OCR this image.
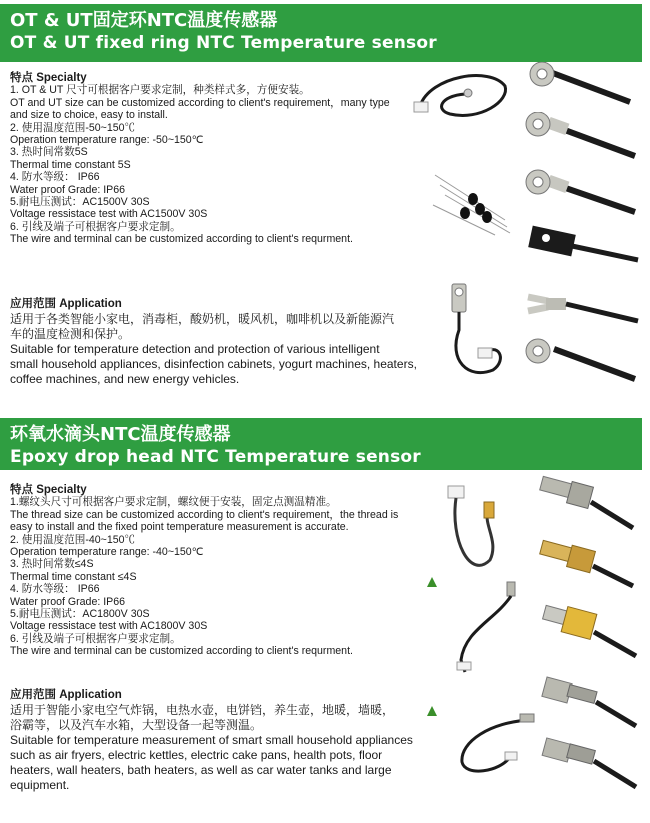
OT & UT固定环NTC温度传感器
OT & UT fixed ring NTC Temperature sensor
特点 Specialty
1. OT & UT 尺寸可根据客户要求定制，种类样式多，方便安装。
OT and UT size can be customized according to client's requirement，many type
and size to choice, easy to install.
2. 使用温度范围-50~150℃
Operation temperature range: -50~150℃
3. 热时间常数5S
Thermal time constant 5S
4. 防水等级： IP66
Water proof Grade: IP66
5.耐电压测试：AC1500V 30S
Voltage ressistace test with AC1500V 30S
6. 引线及端子可根据客户要求定制。
The wire and terminal can be customized according to client's requrment.
应用范围 Application
适用于各类智能小家电，消毒柜，酸奶机，暖风机，咖啡机以及新能源汽
车的温度检测和保护。
Suitable for temperature detection and protection of various intelligent
small household appliances, disinfection cabinets, yogurt machines, heaters,
coffee machines, and new energy vehicles.
环氧水滴头NTC温度传感器
Epoxy drop head NTC Temperature sensor
特点 Specialty
1.螺纹头尺寸可根据客户要求定制，螺纹便于安装，固定点测温精准。
The thread size can be customized according to client's requirement，the thread is
easy to install and the fixed point temperature measurement is accurate.
2. 使用温度范围-40~150℃
Operation temperature range: -40~150℃
3. 热时间常数≤4S
Thermal time constant ≤4S
4. 防水等级： IP66
Water proof Grade: IP66
5.耐电压测试：AC1800V 30S
Voltage ressistace test with AC1800V 30S
6. 引线及端子可根据客户要求定制。
The wire and terminal can be customized according to client's requrment.
应用范围 Application
适用于智能小家电空气炸锅，电热水壶，电饼铛，养生壶，地暖，墙暖，
浴霸等，以及汽车水箱，大型设备一起等测温。
Suitable for temperature measurement of smart small household appliances
such as air fryers, electric kettles, electric cake pans, health pots, floor
heaters, wall heaters, bath heaters, as well as car water tanks and large
equipment.
